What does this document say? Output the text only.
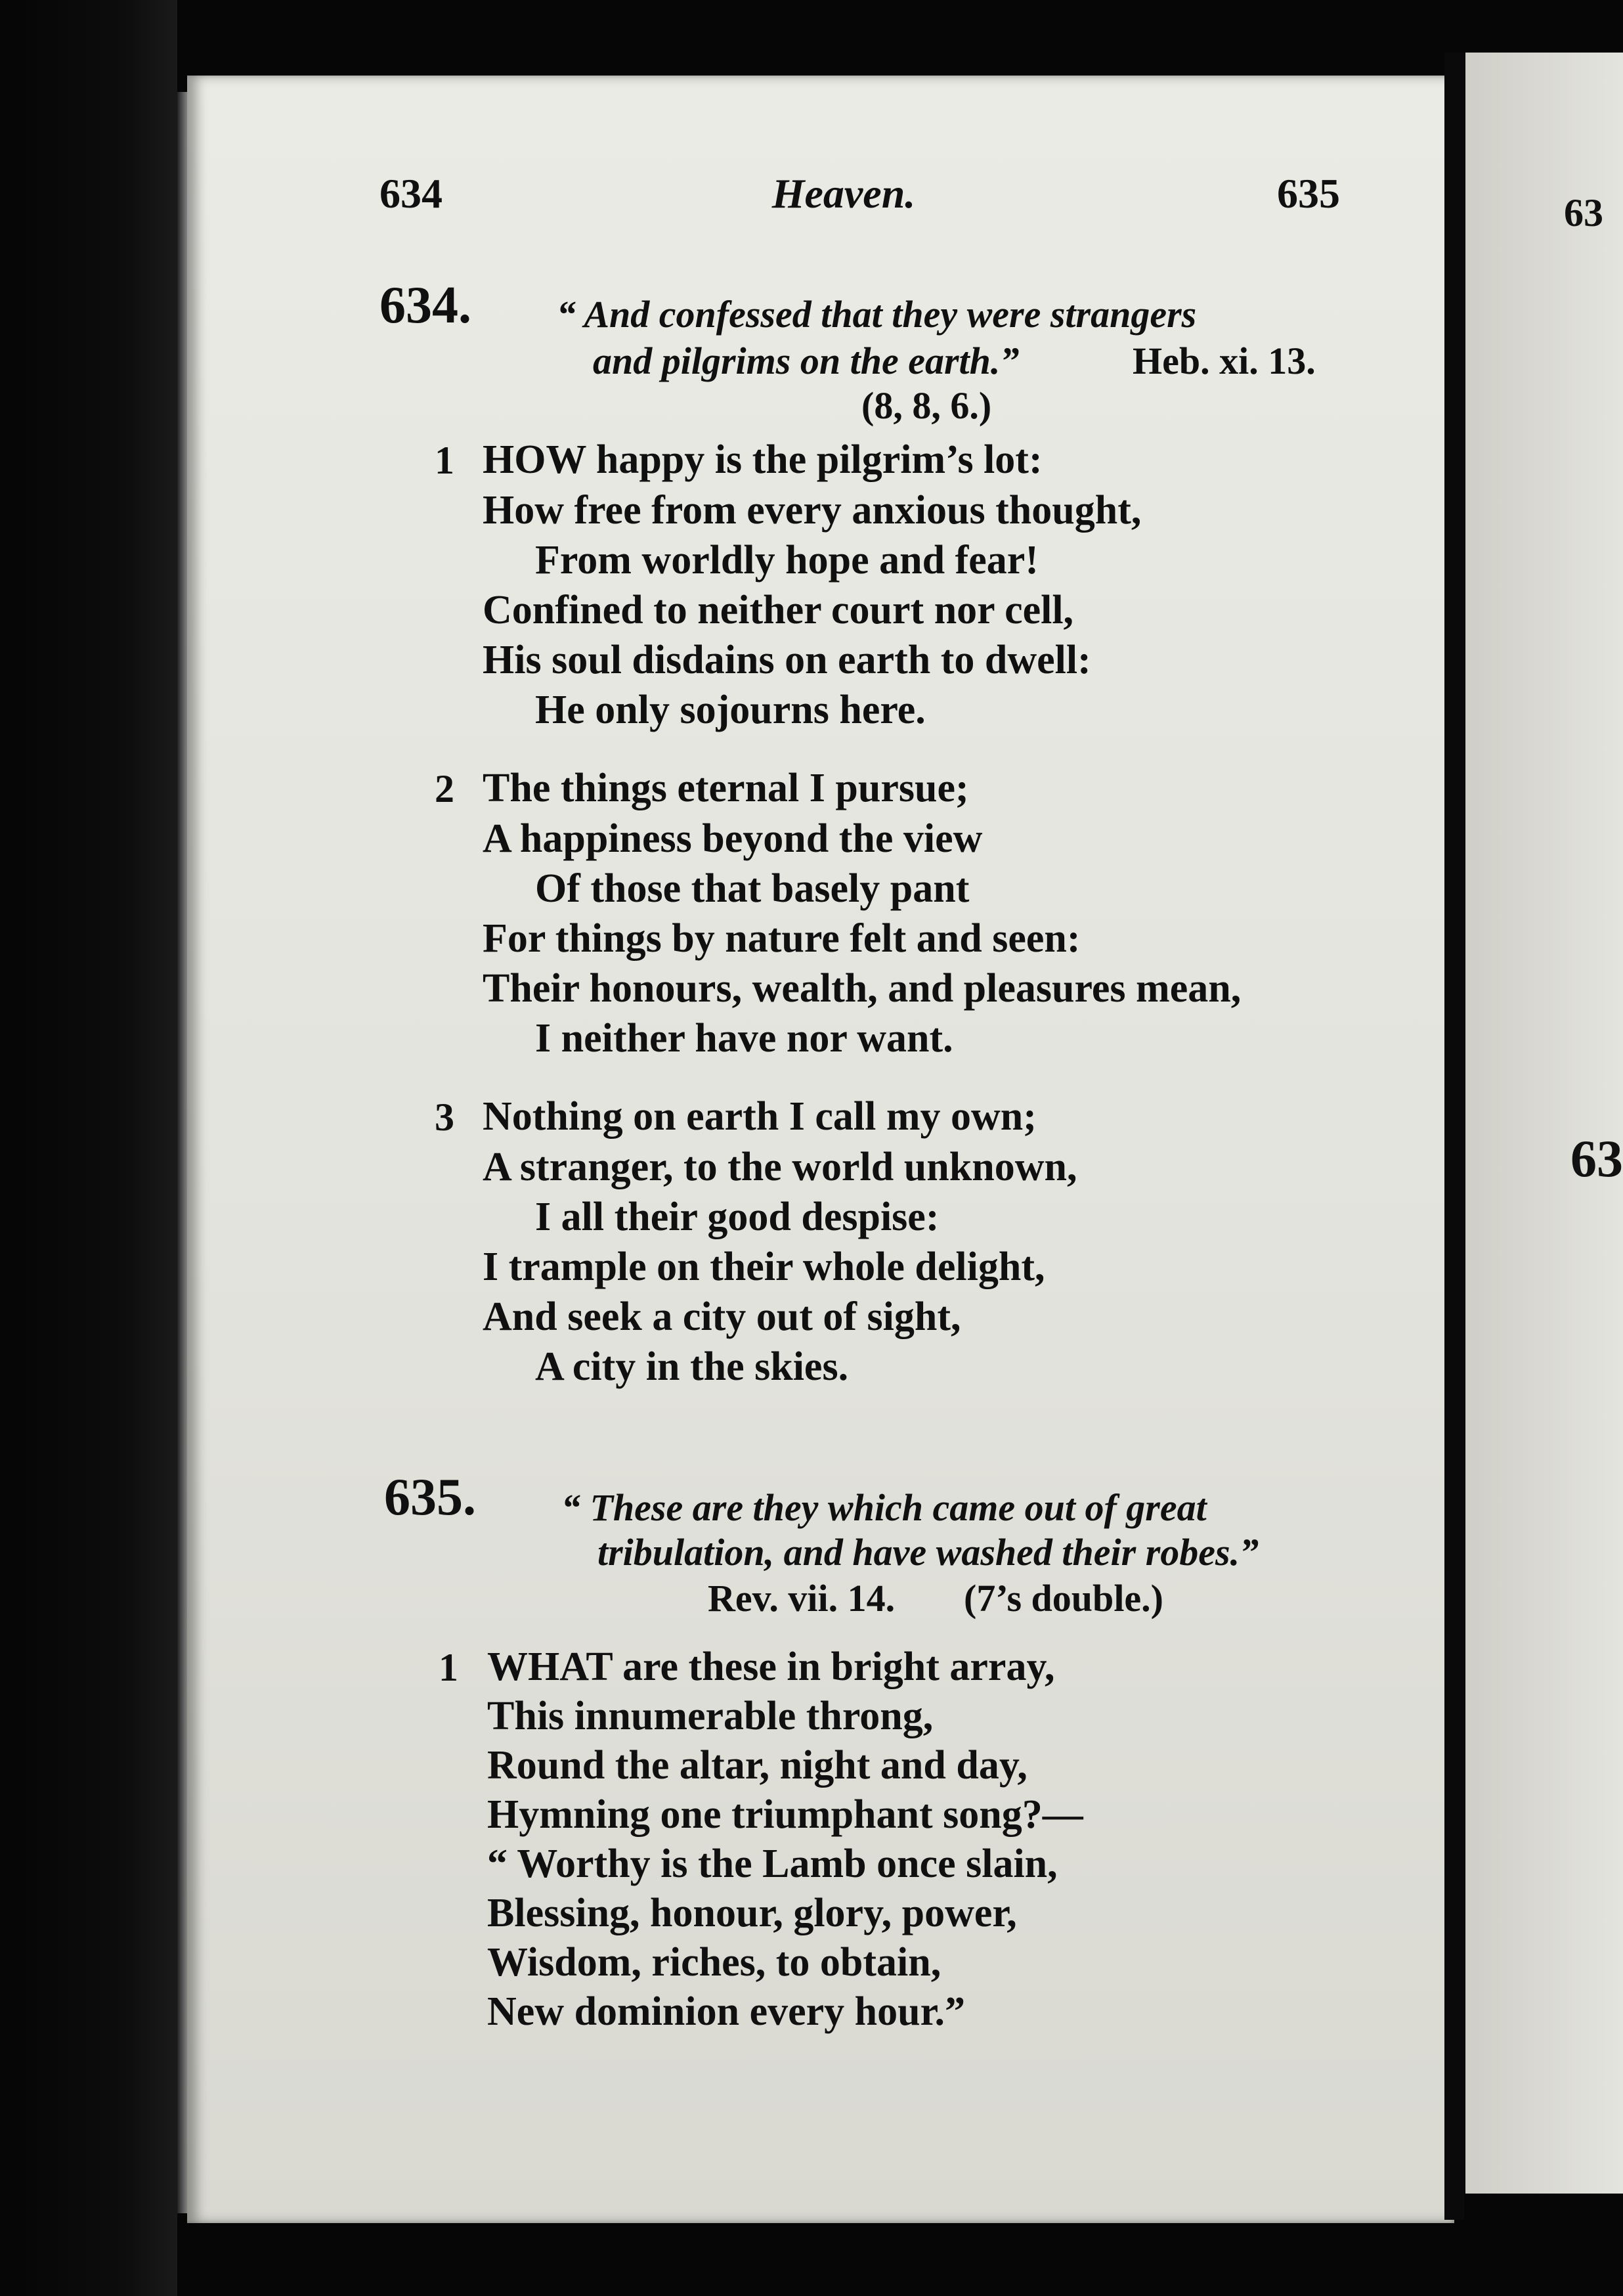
63
63
634	Heaven.	635
634. “ And confessed that they were strangers
and pilgrims on the earth.”	Heb. xi. 13.
(8, 8, 6.)
1 HOW happy is the pilgrim’s lot:
How free from every anxious thought,
From worldly hope and fear!
Confined to neither court nor cell,
His soul disdains on earth to dwell:
He only sojourns here.
2 The things eternal I pursue;
A happiness beyond the view
Of those that basely pant
For things by nature felt and seen:
Their honours, wealth, and pleasures mean,
I neither have nor want.
3 Nothing on earth I call my own;
A stranger, to the world unknown,
I all their good despise:
I trample on their whole delight,
And seek a city out of sight,
A city in the skies.
635. “ These are they which came out of great
tribulation, and have washed their robes.”
Rev. vii. 14. (7’s double.)
1 WHAT are these in bright array,
This innumerable throng,
Round the altar, night and day,
Hymning one triumphant song?—
“ Worthy is the Lamb once slain,
Blessing, honour, glory, power,
Wisdom, riches, to obtain,
New dominion every hour.”
